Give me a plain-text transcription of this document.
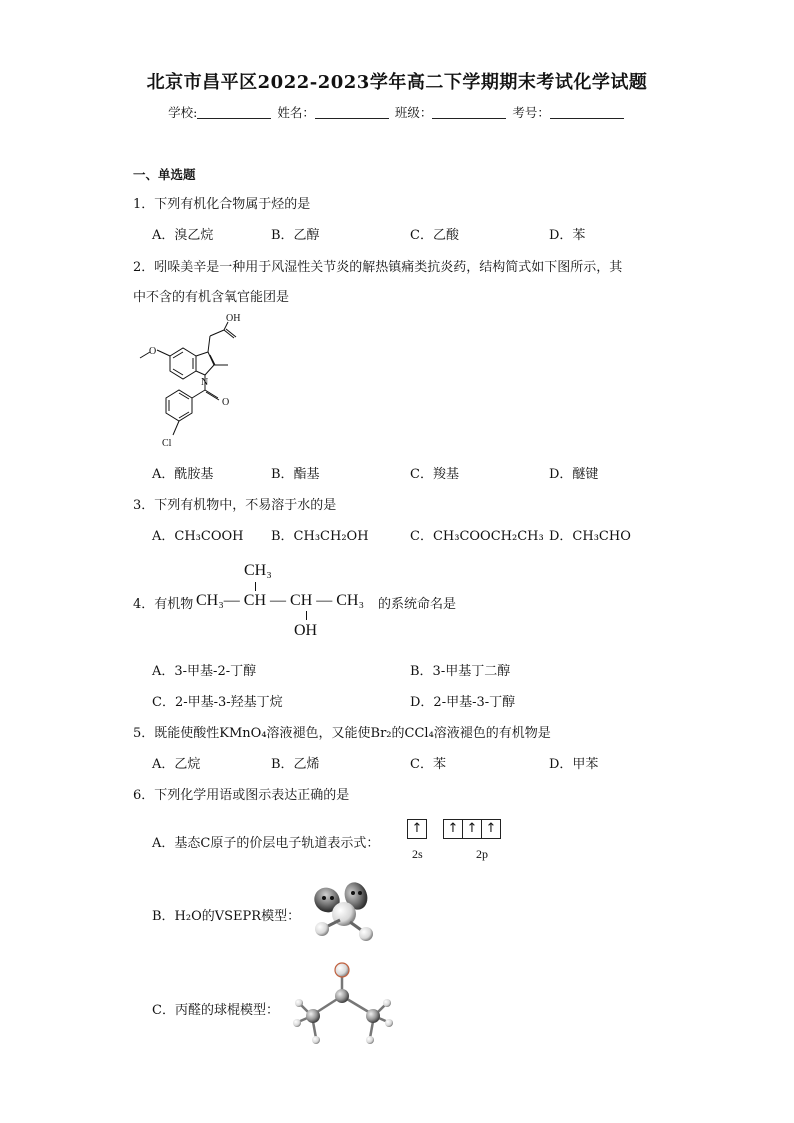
北京市昌平区2022-2023学年高二下学期期末考试化学试题
学校:	姓名：	班级：	考号：
一、单选题
1．下列有机化合物属于烃的是
A．溴乙烷	B．乙醇	C．乙酸	D．苯
2．吲哚美辛是一种用于风湿性关节炎的解热镇痛类抗炎药，结构简式如下图所示，其
中不含的有机含氧官能团是
OH
O
N
O
Cl
A．酰胺基	B．酯基	C．羧基	D．醚键
3．下列有机物中，不易溶于水的是
A．CH₃COOH B．CH₃CH₂OH	C．CH₃COOCH₂CH₃ D．CH₃CHO
4．有机物
CH₃
CH₃— CH — CH — CH₃
OH
的系统命名是
A．3-甲基-2-丁醇	B．3-甲基丁二醇
C．2-甲基-3-羟基丁烷	D．2-甲基-3-丁醇
5．既能使酸性KMnO₄溶液褪色，又能使Br₂的CCl₄溶液褪色的有机物是
A．乙烷	B．乙烯	C．苯	D．甲苯
6．下列化学用语或图示表达正确的是
A．基态C原子的价层电子轨道表示式：
↑ ↑ ↑ ↑
2s	2p
B．H₂O的VSEPR模型：
C．丙醛的球棍模型：
